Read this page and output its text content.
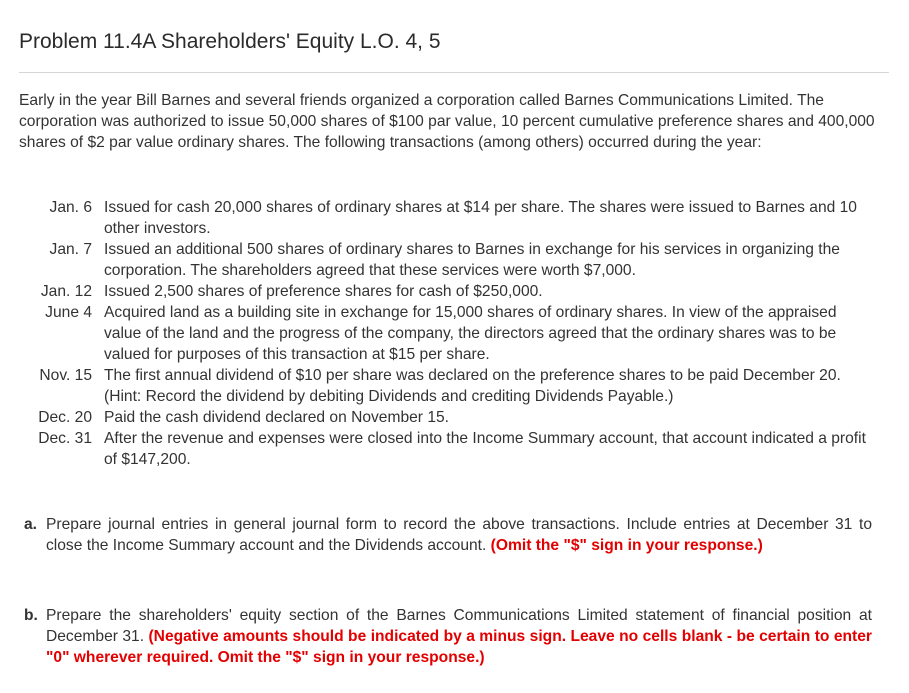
Problem 11.4A Shareholders' Equity L.O. 4, 5

Early in the year Bill Barnes and several friends organized a corporation called Barnes Communications Limited. The corporation was authorized to issue 50,000 shares of $100 par value, 10 percent cumulative preference shares and 400,000 shares of $2 par value ordinary shares. The following transactions (among others) occurred during the year:

Jan. 6 Issued for cash 20,000 shares of ordinary shares at $14 per share. The shares were issued to Barnes and 10 other investors.
Jan. 7 Issued an additional 500 shares of ordinary shares to Barnes in exchange for his services in organizing the corporation. The shareholders agreed that these services were worth $7,000.
Jan. 12 Issued 2,500 shares of preference shares for cash of $250,000.
June 4 Acquired land as a building site in exchange for 15,000 shares of ordinary shares. In view of the appraised value of the land and the progress of the company, the directors agreed that the ordinary shares was to be valued for purposes of this transaction at $15 per share.
Nov. 15 The first annual dividend of $10 per share was declared on the preference shares to be paid December 20. (Hint: Record the dividend by debiting Dividends and crediting Dividends Payable.)
Dec. 20 Paid the cash dividend declared on November 15.
Dec. 31 After the revenue and expenses were closed into the Income Summary account, that account indicated a profit of $147,200.
a. Prepare journal entries in general journal form to record the above transactions. Include entries at December 31 to close the Income Summary account and the Dividends account. (Omit the "$" sign in your response.)
b. Prepare the shareholders' equity section of the Barnes Communications Limited statement of financial position at December 31. (Negative amounts should be indicated by a minus sign. Leave no cells blank - be certain to enter "0" wherever required. Omit the "$" sign in your response.)
